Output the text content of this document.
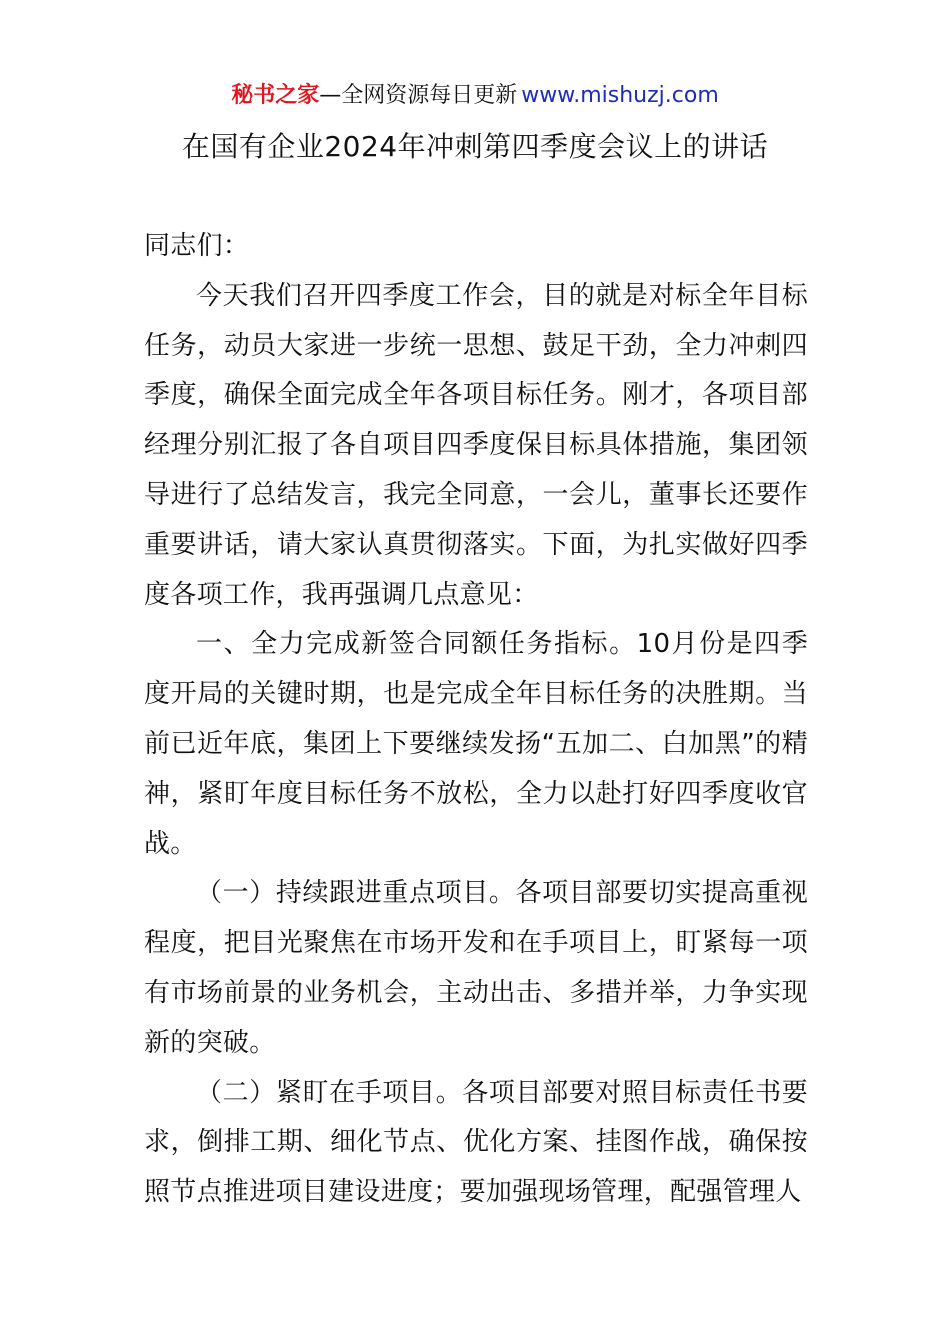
秘书之家—全网资源每日更新 www.mishuzj.com
在国有企业2024年冲刺第四季度会议上的讲话

同志们：

今天我们召开四季度工作会，目的就是对标全年目标任务，动员大家进一步统一思想、鼓足干劲，全力冲刺四季度，确保全面完成全年各项目标任务。刚才，各项目部经理分别汇报了各自项目四季度保目标具体措施，集团领导进行了总结发言，我完全同意，一会儿，董事长还要作重要讲话，请大家认真贯彻落实。下面，为扎实做好四季度各项工作，我再强调几点意见：

一、全力完成新签合同额任务指标。10月份是四季度开局的关键时期，也是完成全年目标任务的决胜期。当前已近年底，集团上下要继续发扬“五加二、白加黑”的精神，紧盯年度目标任务不放松，全力以赴打好四季度收官战。

（一）持续跟进重点项目。各项目部要切实提高重视程度，把目光聚焦在市场开发和在手项目上，盯紧每一项有市场前景的业务机会，主动出击、多措并举，力争实现新的突破。

（二）紧盯在手项目。各项目部要对照目标责任书要求，倒排工期、细化节点、优化方案、挂图作战，确保按照节点推进项目建设进度；要加强现场管理，配强管理人
